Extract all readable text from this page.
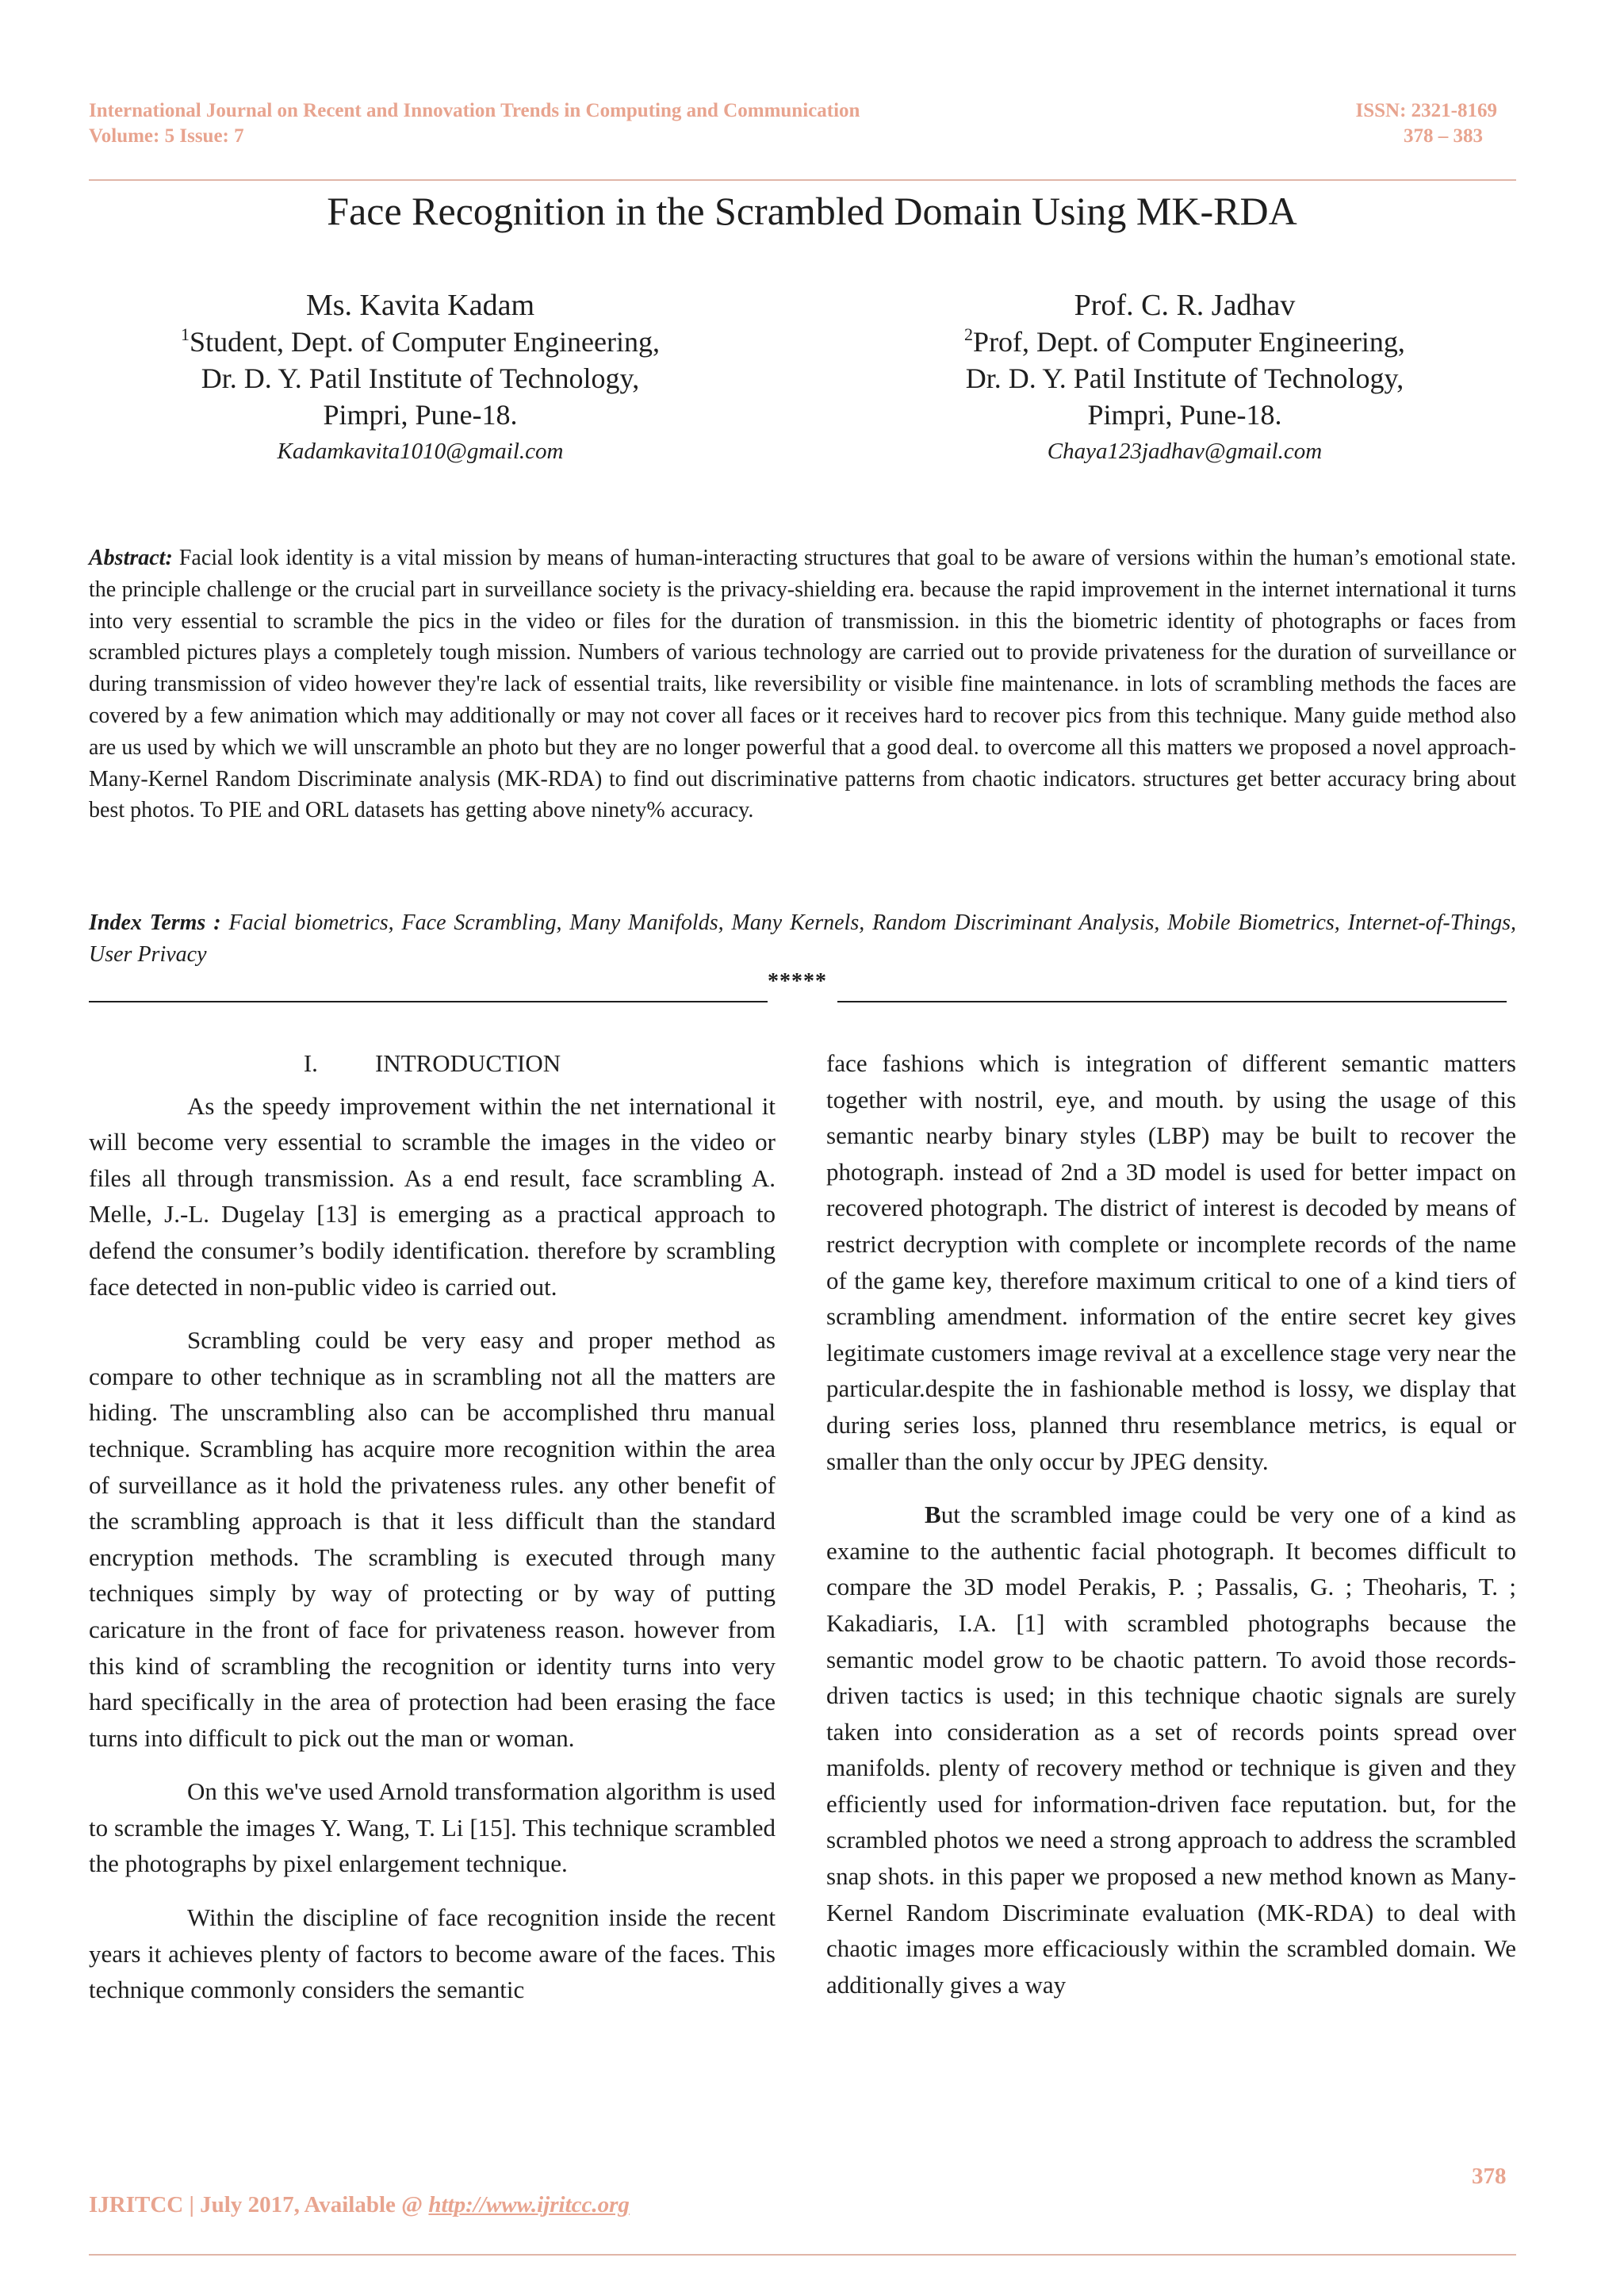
International Journal on Recent and Innovation Trends in Computing and Communication
Volume: 5 Issue: 7
ISSN: 2321-8169
378 – 383
Face Recognition in the Scrambled Domain Using MK-RDA
Ms. Kavita Kadam
$^1$Student, Dept. of Computer Engineering,
Dr. D. Y. Patil Institute of Technology,
Pimpri, Pune-18.
Kadamkavita1010@gmail.com
Prof. C. R. Jadhav
$^2$Prof, Dept. of Computer Engineering,
Dr. D. Y. Patil Institute of Technology,
Pimpri, Pune-18.
Chaya123jadhav@gmail.com
Abstract: Facial look identity is a vital mission by means of human-interacting structures that goal to be aware of versions within the human’s emotional state. the principle challenge or the crucial part in surveillance society is the privacy-shielding era. because the rapid improvement in the internet international it turns into very essential to scramble the pics in the video or files for the duration of transmission. in this the biometric identity of photographs or faces from scrambled pictures plays a completely tough mission. Numbers of various technology are carried out to provide privateness for the duration of surveillance or during transmission of video however they're lack of essential traits, like reversibility or visible fine maintenance. in lots of scrambling methods the faces are covered by a few animation which may additionally or may not cover all faces or it receives hard to recover pics from this technique. Many guide method also are us used by which we will unscramble an photo but they are no longer powerful that a good deal. to overcome all this matters we proposed a novel approach- Many-Kernel Random Discriminate analysis (MK-RDA) to find out discriminative patterns from chaotic indicators. structures get better accuracy bring about best photos. To PIE and ORL datasets has getting above ninety% accuracy.
Index Terms : Facial biometrics, Face Scrambling, Many Manifolds, Many Kernels, Random Discriminant Analysis, Mobile Biometrics, Internet-of-Things, User Privacy
*****
I. INTRODUCTION

As the speedy improvement within the net international it will become very essential to scramble the images in the video or files all through transmission. As a end result, face scrambling A. Melle, J.-L. Dugelay [13] is emerging as a practical approach to defend the consumer’s bodily identification. therefore by scrambling face detected in non-public video is carried out.

Scrambling could be very easy and proper method as compare to other technique as in scrambling not all the matters are hiding. The unscrambling also can be accomplished thru manual technique. Scrambling has acquire more recognition within the area of surveillance as it hold the privateness rules. any other benefit of the scrambling approach is that it less difficult than the standard encryption methods. The scrambling is executed through many techniques simply by way of protecting or by way of putting caricature in the front of face for privateness reason. however from this kind of scrambling the recognition or identity turns into very hard specifically in the area of protection had been erasing the face turns into difficult to pick out the man or woman.

On this we've used Arnold transformation algorithm is used to scramble the images Y. Wang, T. Li [15]. This technique scrambled the photographs by pixel enlargement technique.

Within the discipline of face recognition inside the recent years it achieves plenty of factors to become aware of the faces. This technique commonly considers the semantic

face fashions which is integration of different semantic matters together with nostril, eye, and mouth. by using the usage of this semantic nearby binary styles (LBP) may be built to recover the photograph. instead of 2nd a 3D model is used for better impact on recovered photograph. The district of interest is decoded by means of restrict decryption with complete or incomplete records of the name of the game key, therefore maximum critical to one of a kind tiers of scrambling amendment. information of the entire secret key gives legitimate customers image revival at a excellence stage very near the particular.despite the in fashionable method is lossy, we display that during series loss, planned thru resemblance metrics, is equal or smaller than the only occur by JPEG density.

But the scrambled image could be very one of a kind as examine to the authentic facial photograph. It becomes difficult to compare the 3D model Perakis, P. ; Passalis, G. ; Theoharis, T. ; Kakadiaris, I.A. [1] with scrambled photographs because the semantic model grow to be chaotic pattern. To avoid those records-driven tactics is used; in this technique chaotic signals are surely taken into consideration as a set of records points spread over manifolds. plenty of recovery method or technique is given and they efficiently used for information-driven face reputation. but, for the scrambled photos we need a strong approach to address the scrambled snap shots. in this paper we proposed a new method known as Many-Kernel Random Discriminate evaluation (MK-RDA) to deal with chaotic images more efficaciously within the scrambled domain. We additionally gives a way

378
IJRITCC | July 2017, Available @ http://www.ijritcc.org
